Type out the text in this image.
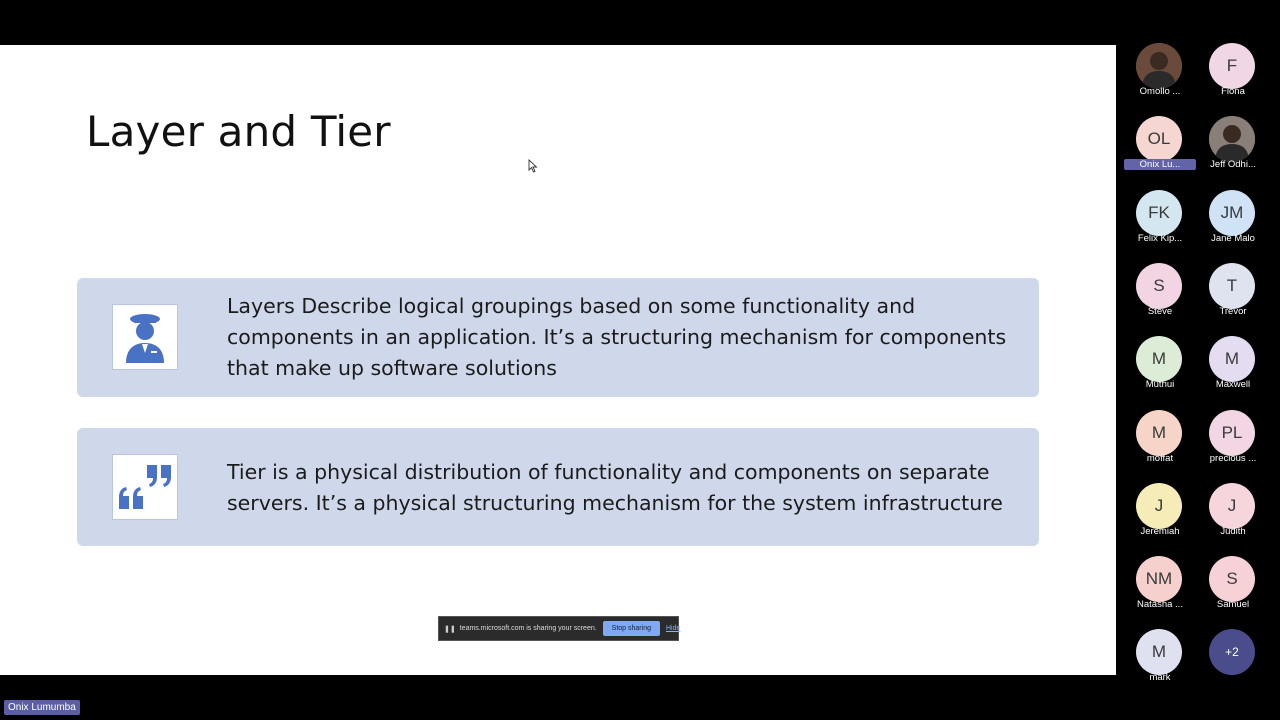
Layer and Tier
Layers Describe logical groupings based on some functionality and components in an application. It’s a structuring mechanism for components that make up software solutions
Tier is a physical distribution of functionality and components on separate servers. It’s a physical structuring mechanism for the system infrastructure
❚❚ teams.microsoft.com is sharing your screen.	Stop sharing	Hide
Omollo ...
F
Fiona
OL
Onix Lu...	Jeff Odhi...
FK
Felix Kip...
JM
Jane Malo
S
Steve
T
Trevor
M
Muthui
M
Maxwell
M
moffat
PL
precious ...
J
Jeremiah
J
Judith
NM
Natasha ...
S
Samuel
M
mark
+2
Onix Lumumba
